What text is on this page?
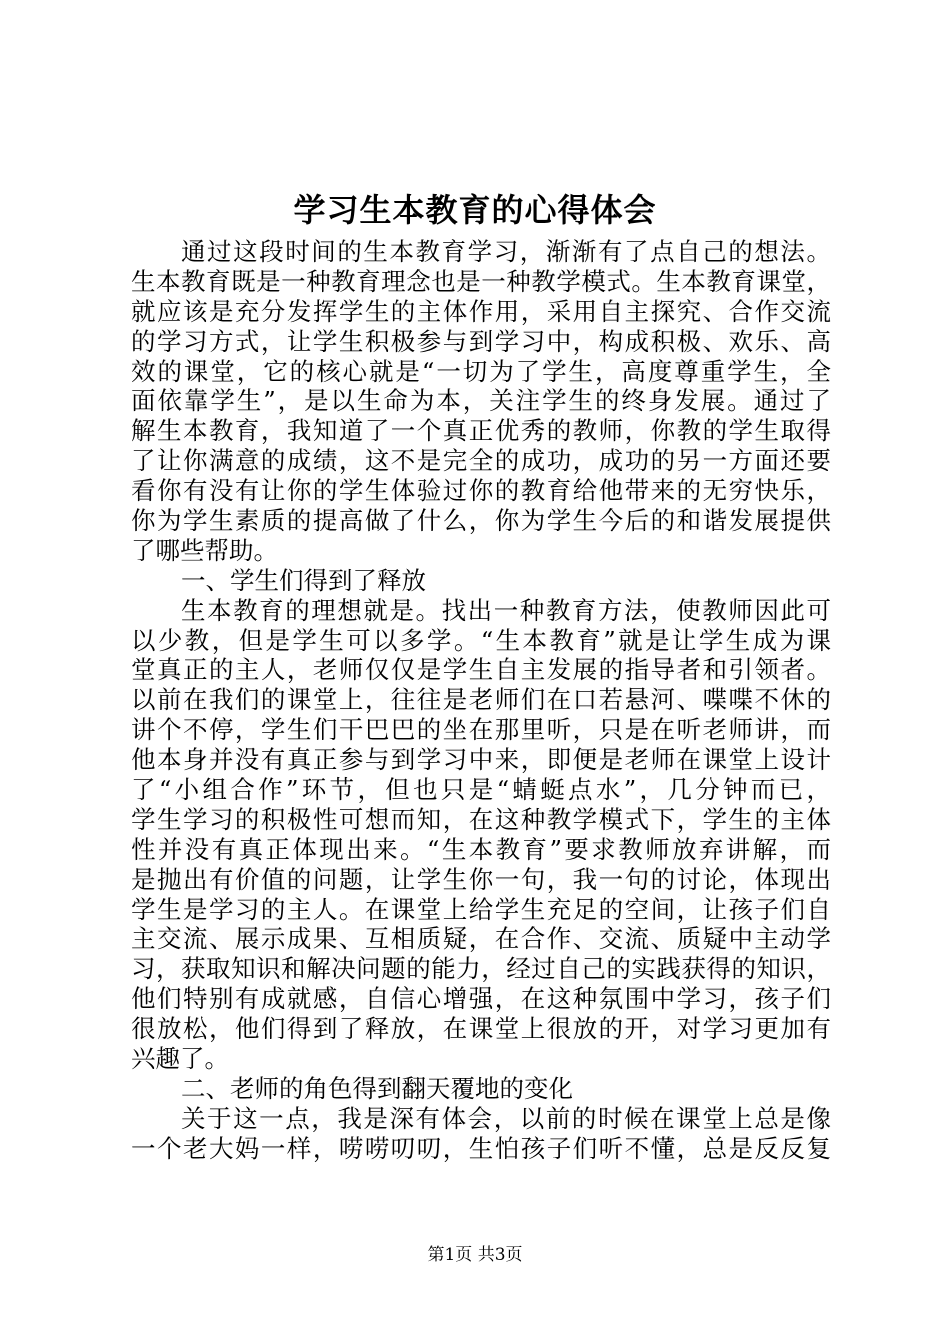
学习生本教育的心得体会
通过这段时间的生本教育学习，渐渐有了点自己的想法。
生本教育既是一种教育理念也是一种教学模式。生本教育课堂，
就应该是充分发挥学生的主体作用，采用自主探究、合作交流
的学习方式，让学生积极参与到学习中，构成积极、欢乐、高
效的课堂，它的核心就是“一切为了学生，高度尊重学生，全
面依靠学生”，是以生命为本，关注学生的终身发展。通过了
解生本教育，我知道了一个真正优秀的教师，你教的学生取得
了让你满意的成绩，这不是完全的成功，成功的另一方面还要
看你有没有让你的学生体验过你的教育给他带来的无穷快乐，
你为学生素质的提高做了什么，你为学生今后的和谐发展提供
了哪些帮助。
一、学生们得到了释放
生本教育的理想就是。找出一种教育方法，使教师因此可
以少教，但是学生可以多学。“生本教育”就是让学生成为课
堂真正的主人，老师仅仅是学生自主发展的指导者和引领者。
以前在我们的课堂上，往往是老师们在口若悬河、喋喋不休的
讲个不停，学生们干巴巴的坐在那里听，只是在听老师讲，而
他本身并没有真正参与到学习中来，即便是老师在课堂上设计
了“小组合作”环节，但也只是“蜻蜓点水”，几分钟而已，
学生学习的积极性可想而知，在这种教学模式下，学生的主体
性并没有真正体现出来。“生本教育”要求教师放弃讲解，而
是抛出有价值的问题，让学生你一句，我一句的讨论，体现出
学生是学习的主人。在课堂上给学生充足的空间，让孩子们自
主交流、展示成果、互相质疑，在合作、交流、质疑中主动学
习，获取知识和解决问题的能力，经过自己的实践获得的知识，
他们特别有成就感，自信心增强，在这种氛围中学习，孩子们
很放松，他们得到了释放，在课堂上很放的开，对学习更加有
兴趣了。
二、老师的角色得到翻天覆地的变化
关于这一点，我是深有体会，以前的时候在课堂上总是像
一个老大妈一样，唠唠叨叨，生怕孩子们听不懂，总是反反复
第1页 共3页
